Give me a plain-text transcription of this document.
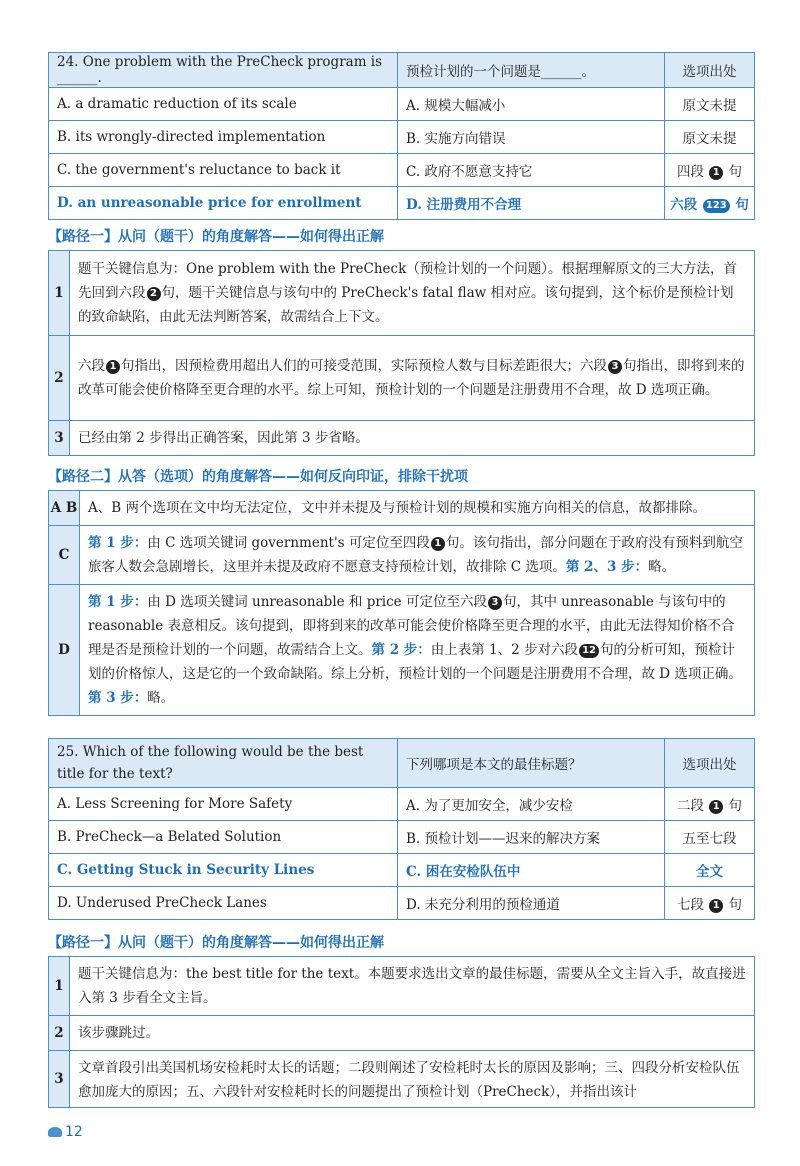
24. One problem with the PreCheck program is ______.	预检计划的一个问题是______。	选项出处
A. a dramatic reduction of its scale	A. 规模大幅减小	原文未提
B. its wrongly-directed implementation	B. 实施方向错误	原文未提
C. the government's reluctance to back it	C. 政府不愿意支持它	四段 1 句
D. an unreasonable price for enrollment	D. 注册费用不合理	六段 123 句
【路径一】从问（题干）的角度解答——如何得出正解
1	题干关键信息为：One problem with the PreCheck（预检计划的一个问题）。根据理解原文的三大方法，首先回到六段 2 句，题干关键信息与该句中的 PreCheck's fatal flaw 相对应。该句提到，这个标价是预检计划的致命缺陷，由此无法判断答案，故需结合上下文。
2	六段 1 句指出，因预检费用超出人们的可接受范围，实际预检人数与目标差距很大；六段 3 句指出，即将到来的改革可能会使价格降至更合理的水平。综上可知，预检计划的一个问题是注册费用不合理，故 D 选项正确。
3	已经由第 2 步得出正确答案，因此第 3 步省略。
【路径二】从答（选项）的角度解答——如何反向印证，排除干扰项
A B	A、B 两个选项在文中均无法定位，文中并未提及与预检计划的规模和实施方向相关的信息，故都排除。
C	第 1 步：由 C 选项关键词 government's 可定位至四段 1 句。该句指出，部分问题在于政府没有预料到航空旅客人数会急剧增长，这里并未提及政府不愿意支持预检计划，故排除 C 选项。第 2、3 步：略。
D	第 1 步：由 D 选项关键词 unreasonable 和 price 可定位至六段 3 句，其中 unreasonable 与该句中的 reasonable 表意相反。该句提到，即将到来的改革可能会使价格降至更合理的水平，由此无法得知价格不合理是否是预检计划的一个问题，故需结合上文。第 2 步：由上表第 1、2 步对六段 12 句的分析可知，预检计划的价格惊人，这是它的一个致命缺陷。综上分析，预检计划的一个问题是注册费用不合理，故 D 选项正确。第 3 步：略。
25. Which of the following would be the best title for the text?	下列哪项是本文的最佳标题？	选项出处
A. Less Screening for More Safety	A. 为了更加安全，减少安检	二段 1 句
B. PreCheck—a Belated Solution	B. 预检计划——迟来的解决方案	五至七段
C. Getting Stuck in Security Lines	C. 困在安检队伍中	全文
D. Underused PreCheck Lanes	D. 未充分利用的预检通道	七段 1 句
【路径一】从问（题干）的角度解答——如何得出正解
1	题干关键信息为：the best title for the text。本题要求选出文章的最佳标题，需要从全文主旨入手，故直接进入第 3 步看全文主旨。
2	该步骤跳过。
3	文章首段引出美国机场安检耗时太长的话题；二段则阐述了安检耗时太长的原因及影响；三、四段分析安检队伍愈加庞大的原因；五、六段针对安检耗时长的问题提出了预检计划（PreCheck），并指出该计
12
